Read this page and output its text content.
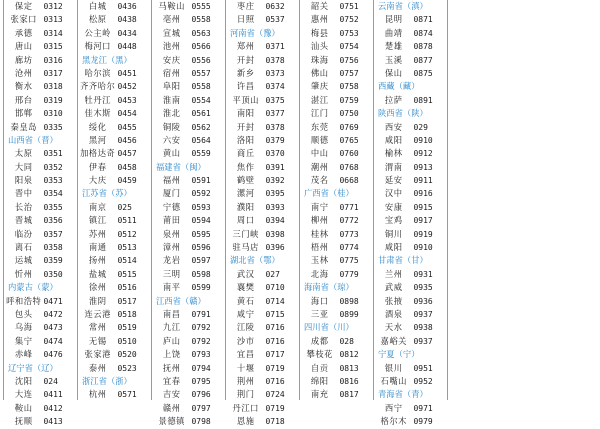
保定	0312
张家口 0313
承德	0314
唐山	0315
廊坊	0316
沧州	0317
衡水	0318
邢台	0319
邯郸	0310
秦皇岛 0335
山西省（晋）
太原	0351
大同	0352
阳泉	0353
晋中	0354
长治	0355
晋城	0356
临汾	0357
离石	0358
运城	0359
忻州	0350
内蒙古（蒙）
呼和浩特 0471
包头	0472
乌海	0473
集宁	0474
赤峰	0476
辽宁省（辽）
沈阳	024
大连	0411
鞍山	0412
抚顺	0413
白城	0436
松原	0438
公主岭 0434
梅河口 0448
黑龙江（黑）
哈尔滨 0451
齐齐哈尔 0452
牡丹江 0453
佳木斯 0454
绥化	0455
黑河	0456
加格达奇 0457
伊春	0458
大庆	0459
江苏省（苏）
南京	025
镇江	0511
苏州	0512
南通	0513
扬州	0514
盐城	0515
徐州	0516
淮阴	0517
连云港 0518
常州	0519
无锡	0510
张家港 0520
泰州	0523
浙江省（浙）
杭州	0571
马鞍山 0555
亳州	0558
宣城	0563
池州	0566
安庆	0556
宿州	0557
阜阳	0558
淮南	0554
淮北	0561
铜陵	0562
六安	0564
黄山	0559
福建省（闽）
福州	0591
厦门	0592
宁德	0593
莆田	0594
泉州	0595
漳州	0596
龙岩	0597
三明	0598
南平	0599
江西省（赣）
南昌	0791
九江	0792
庐山	0792
上饶	0793
抚州	0794
宜春	0795
吉安	0796
赣州	0797
景德镇 0798
枣庄	0632
日照	0537
河南省（豫）
郑州	0371
开封	0378
新乡	0373
许昌	0374
平顶山 0375
南阳	0377
开封	0378
洛阳	0379
商丘	0370
焦作	0391
鹤壁	0392
漯河	0395
濮阳	0393
周口	0394
三门峡 0398
驻马店 0396
湖北省（鄂）
武汉	027
襄樊	0710
黄石	0714
咸宁	0715
江陵	0716
沙市	0716
宜昌	0717
十堰	0719
荆州	0716
荆门	0724
丹江口 0719
恩施	0718
韶关	0751
惠州	0752
梅县	0753
汕头	0754
珠海	0756
佛山	0757
肇庆	0758
湛江	0759
江门	0750
东莞	0769
顺德	0765
中山	0760
潮州	0768
茂名	0668
广西省（桂）
南宁	0771
柳州	0772
桂林	0773
梧州	0774
玉林	0775
北海	0779
海南省（琼）
海口	0898
三亚	0899
四川省（川）
成都	028
攀枝花 0812
自贡	0813
绵阳	0816
南充	0817
云南省（滇）
昆明	0871
曲靖	0874
楚雄	0878
玉溪	0877
保山	0875
西藏（藏）
拉萨	0891
陕西省（陕）
西安	029
咸阳	0910
榆林	0912
渭南	0913
延安	0911
汉中	0916
安康	0915
宝鸡	0917
铜川	0919
咸阳	0910
甘肃省（甘）
兰州	0931
武威	0935
张掖	0936
酒泉	0937
天水	0938
嘉峪关 0937
宁夏（宁）
银川	0951
石嘴山 0952
青海省（青）
西宁	0971
格尔木 0979
